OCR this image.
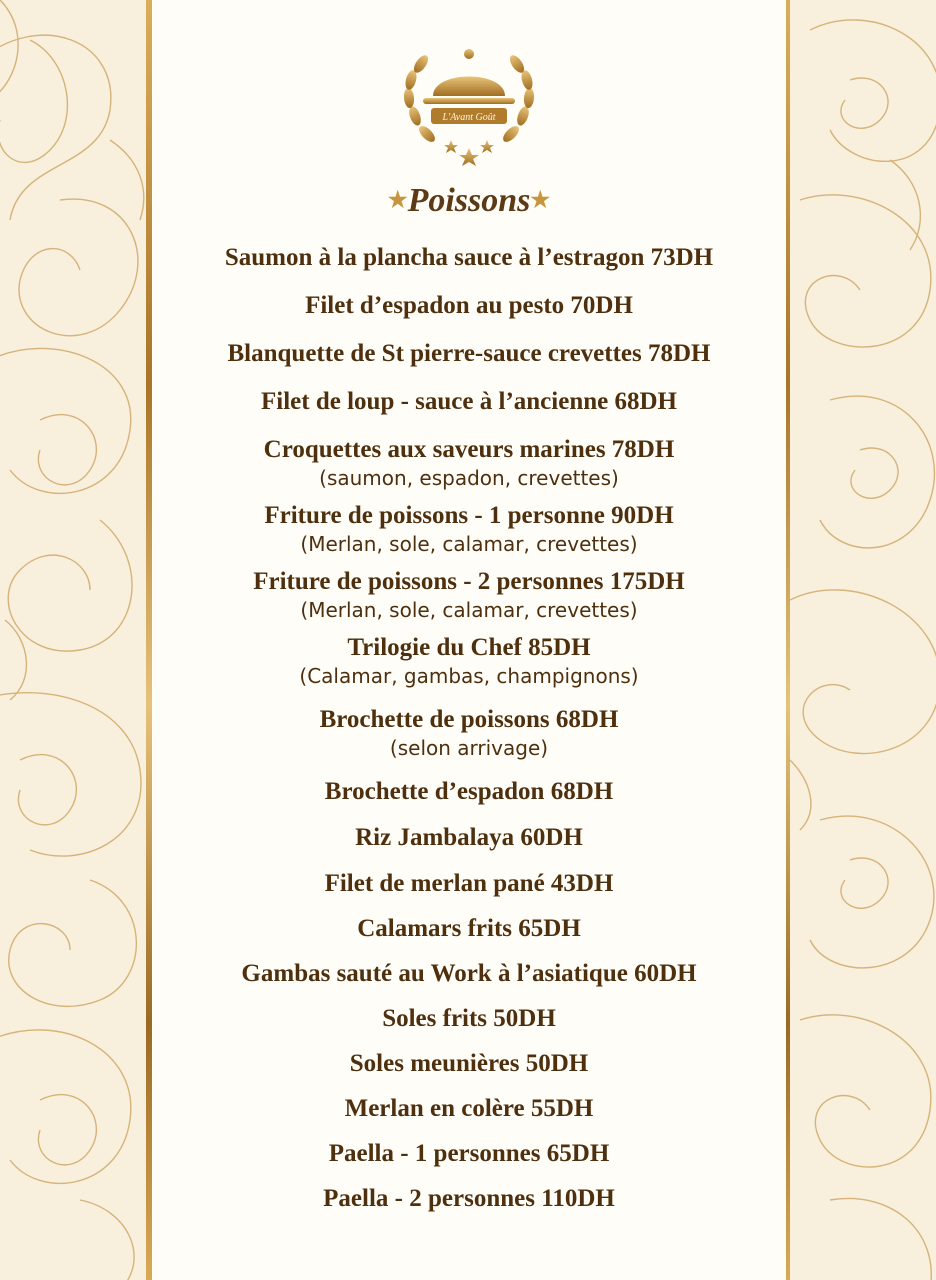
L'Avant Goût
★Poissons★
Saumon à la plancha sauce à l’estragon 73DH
Filet d’espadon au pesto 70DH
Blanquette de St pierre-sauce crevettes 78DH
Filet de loup - sauce à l’ancienne 68DH
Croquettes aux saveurs marines 78DH
(saumon, espadon, crevettes)
Friture de poissons - 1 personne 90DH
(Merlan, sole, calamar, crevettes)
Friture de poissons - 2 personnes 175DH
(Merlan, sole, calamar, crevettes)
Trilogie du Chef 85DH
(Calamar, gambas, champignons)
Brochette de poissons 68DH
(selon arrivage)
Brochette d’espadon 68DH
Riz Jambalaya 60DH
Filet de merlan pané 43DH
Calamars frits 65DH
Gambas sauté au Work à l’asiatique 60DH
Soles frits 50DH
Soles meunières 50DH
Merlan en colère 55DH
Paella - 1 personnes 65DH
Paella - 2 personnes 110DH
